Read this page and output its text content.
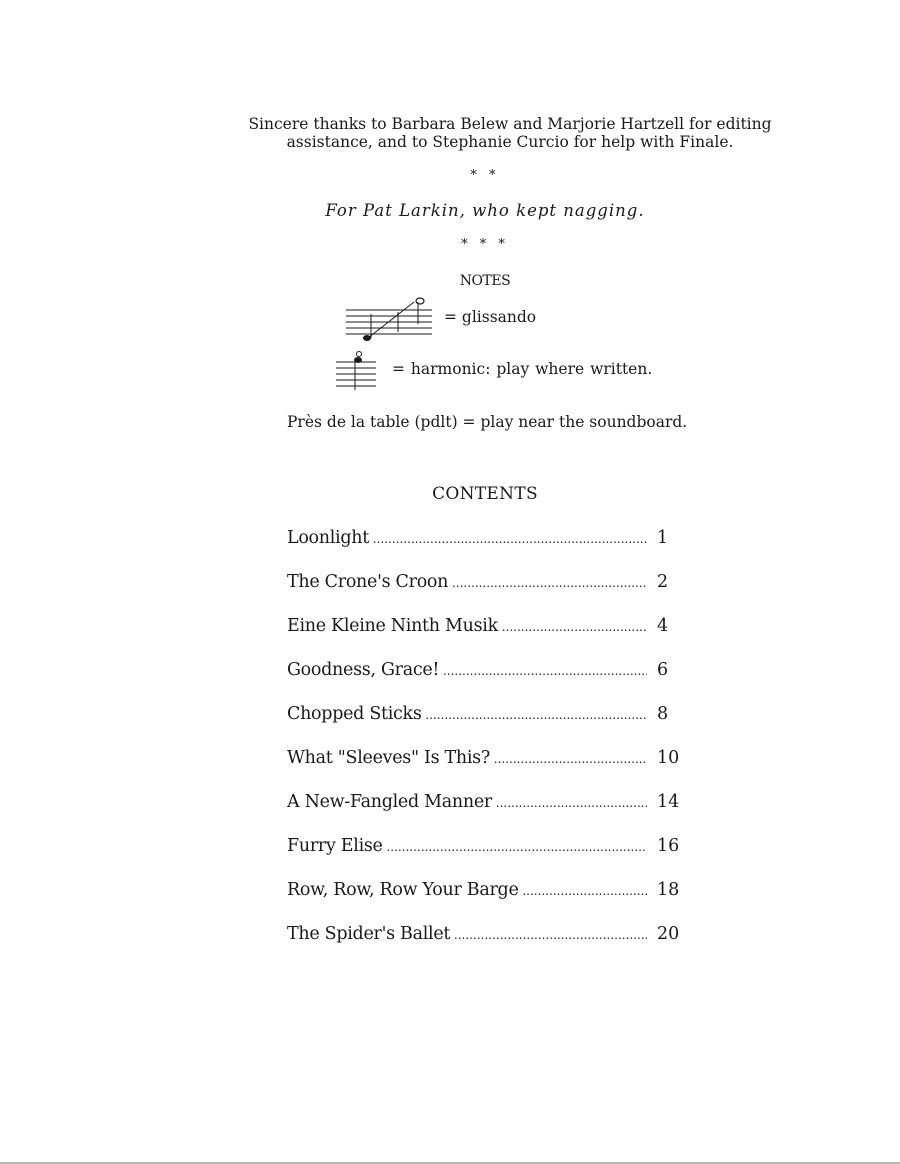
Sincere thanks to Barbara Belew and Marjorie Hartzell for editing
assistance, and to Stephanie Curcio for help with Finale.
* *
For Pat Larkin, who kept nagging.
* * *
NOTES
= glissando
= harmonic: play where written.
Près de la table (pdlt) = play near the soundboard.
CONTENTS
Loonlight .....	1
The Crone's Croon .....	2
Eine Kleine Ninth Musik .....	4
Goodness, Grace! .....	6
Chopped Sticks .....	8
What "Sleeves" Is This? .....	10
A New-Fangled Manner .....	14
Furry Elise .....	16
Row, Row, Row Your Barge .....	18
The Spider's Ballet .....	20
